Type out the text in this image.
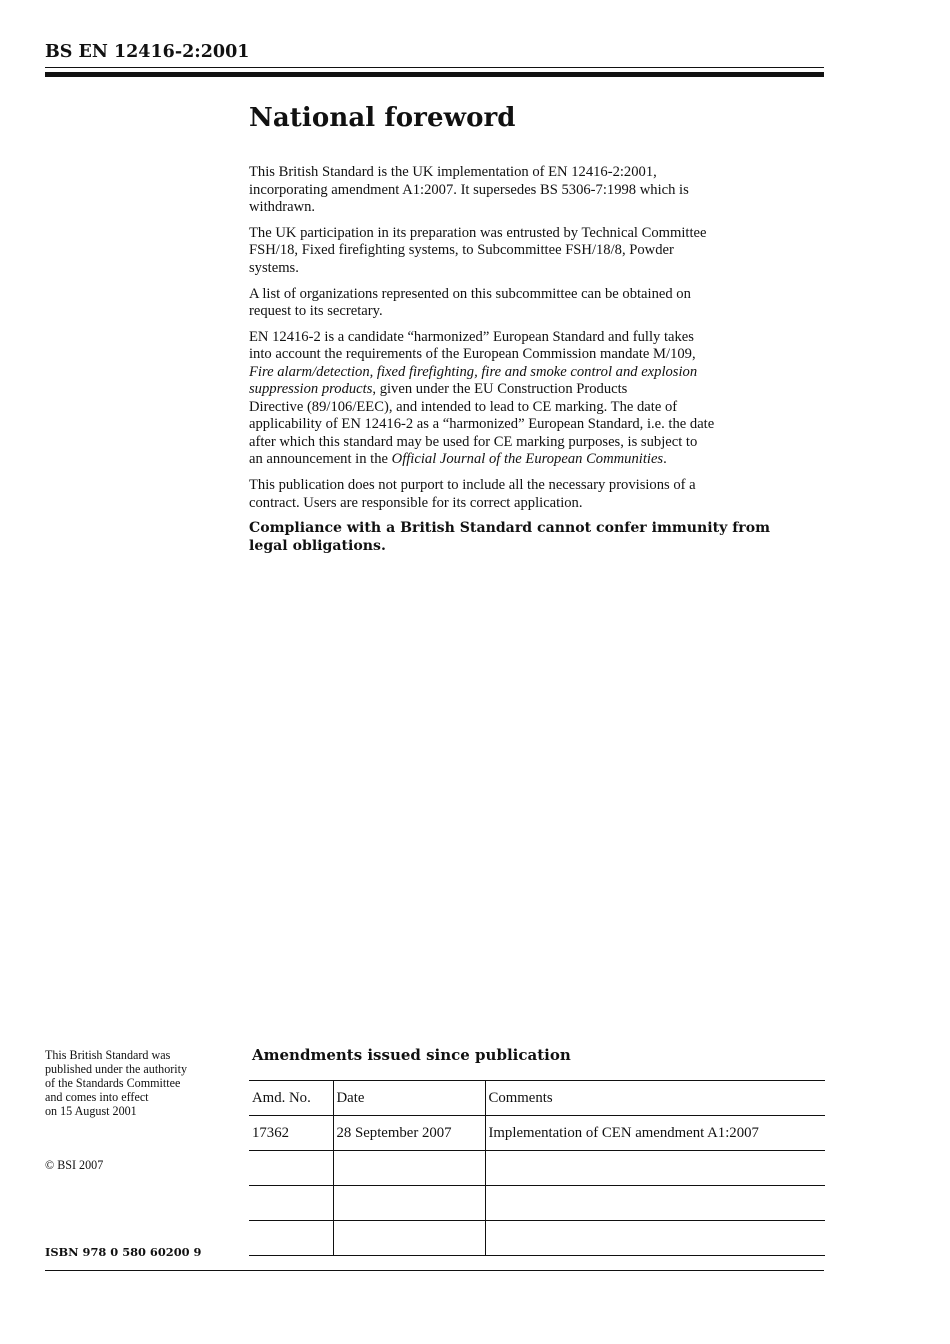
BS EN 12416-2:2001
National foreword

This British Standard is the UK implementation of EN 12416-2:2001,
incorporating amendment A1:2007. It supersedes BS 5306-7:1998 which is
withdrawn.

The UK participation in its preparation was entrusted by Technical Committee
FSH/18, Fixed firefighting systems, to Subcommittee FSH/18/8, Powder
systems.

A list of organizations represented on this subcommittee can be obtained on
request to its secretary.

EN 12416-2 is a candidate “harmonized” European Standard and fully takes
into account the requirements of the European Commission mandate M/109,
Fire alarm/detection, fixed firefighting, fire and smoke control and explosion
suppression products, given under the EU Construction Products
Directive (89/106/EEC), and intended to lead to CE marking. The date of
applicability of EN 12416-2 as a “harmonized” European Standard, i.e. the date
after which this standard may be used for CE marking purposes, is subject to
an announcement in the Official Journal of the European Communities.

This publication does not purport to include all the necessary provisions of a
contract. Users are responsible for its correct application.

Compliance with a British Standard cannot confer immunity from
legal obligations.

This British Standard was
published under the authority
of the Standards Committee
and comes into effect
on 15 August 2001
© BSI 2007
ISBN 978 0 580 60200 9
Amendments issued since publication
Amd. No.	Date	Comments
17362	28 September 2007	Implementation of CEN amendment A1:2007
